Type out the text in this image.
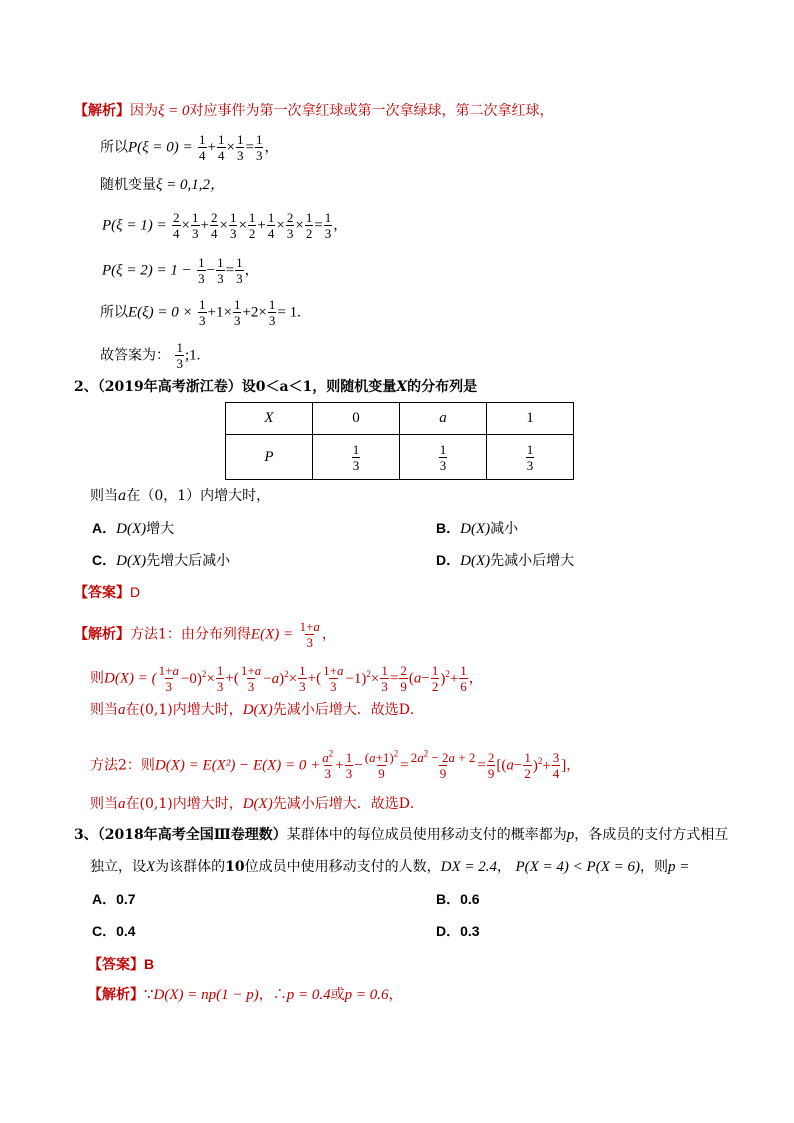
【解析】因为ξ = 0对应事件为第一次拿红球或第一次拿绿球，第二次拿红球，
所以$P(\xi = 0) = \frac{1}{4} + \frac{1}{4} \times \frac{1}{3} = \frac{1}{3}$ ，
随机变量ξ = 0,1,2，
$P(\xi = 1) = \frac{2}{4} \times \frac{1}{3} + \frac{2}{4} \times \frac{1}{3} \times \frac{1}{2} + \frac{1}{4} \times \frac{2}{3} \times \frac{1}{2} = \frac{1}{3}$ ，
$P(\xi = 2) = 1 - \frac{1}{3} - \frac{1}{3} = \frac{1}{3}$ ，
所以$E(\xi) = 0 \times \frac{1}{3} +1\times \frac{1}{3} +2\times \frac{1}{3} = 1$.
故答案为： $\frac{1}{3}$ ;1.
2、（2019年高考浙江卷）设0＜a＜1，则随机变量X的分布列是
X	0	a	1
P	$\frac{1}{3}$	$\frac{1}{3}$	$\frac{1}{3}$
则当a在（0，1）内增大时，
A．D(X)增大	B．D(X)减小
C．D(X)先增大后减小	D．D(X)先减小后增大
【答案】D
【解析】方法1：由分布列得$E(X) = \frac{1+a}{3}$ ，
则D(X) = ( $\frac{1+a}{3} -0)^2\times \frac{1}{3}$ +( $\frac{1+a}{3} -a)^2\times \frac{1}{3}$ +( $\frac{1+a}{3} -1)^2\times \frac{1}{3} = \frac{2}{9} (a- \frac{1}{2} )^2+ \frac{1}{6}$ ，
则当a在(0,1)内增大时，D(X)先减小后增大．故选D．
方法2：则$D(X) = E(X^2) - E(X) = 0 + \frac{a^2}{3} + \frac{1}{3} - \frac{(a+1)^2}{9} = \frac{2a^2 - 2a + 2}{9} = \frac{2}{9} [(a- \frac{1}{2} )^2+ \frac{3}{4}$ ]，
则当a在(0,1)内增大时，D(X)先减小后增大．故选D．
3、（2018年高考全国Ⅲ卷理数）某群体中的每位成员使用移动支付的概率都为p，各成员的支付方式相互
独立，设X为该群体的10位成员中使用移动支付的人数，DX = 2.4， P(X = 4) < P(X = 6)，则p =
A．0.7	B．0.6
C．0.4	D．0.3
【答案】B
【解析】∵D(X) = np(1 − p)，∴p = 0.4或p = 0.6，
